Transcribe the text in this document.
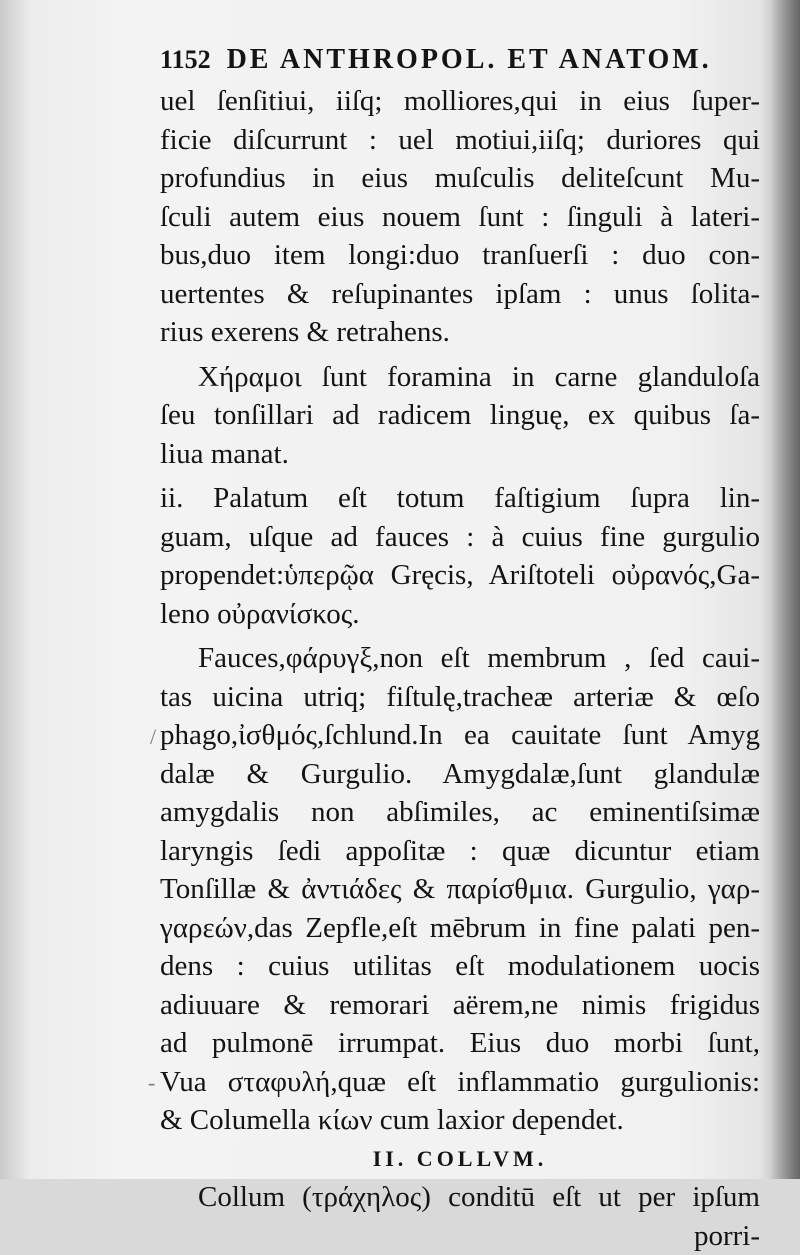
/
-
1152 DE ANTHROPOL. ET ANATOM.
uel ſenſitiui, iiſq; molliores,qui in eius ſuper-
ficie diſcurrunt : uel motiui,iiſq; duriores qui
profundius in eius muſculis deliteſcunt Mu-
ſculi autem eius nouem ſunt : ſinguli à lateri-
bus,duo item longi:duo tranſuerſi : duo con-
uertentes & reſupinantes ipſam : unus ſolita-
rius exerens & retrahens.
Χήραμοι ſunt foramina in carne glanduloſa
ſeu tonſillari ad radicem linguę, ex quibus ſa-
liua manat.
ii. Palatum eſt totum faſtigium ſupra lin-
guam, uſque ad fauces : à cuius fine gurgulio
propendet:ὑπερῷα Gręcis, Ariſtoteli οὐρανός,Ga-
leno οὐρανίσκος.
Fauces,φάρυγξ,non eſt membrum , ſed caui-
tas uicina utriq; fiſtulę,tracheæ arteriæ & œſo
phago,ἰσθμός,ſchlund.In ea cauitate ſunt Amyg
dalæ & Gurgulio. Amygdalæ,ſunt glandulæ
amygdalis non abſimiles, ac eminentiſsimæ
laryngis ſedi appoſitæ : quæ dicuntur etiam
Tonſillæ & ἀντιάδες & παρίσθμια. Gurgulio, γαρ-
γαρεών,das Zepfle,eſt mēbrum in fine palati pen-
dens : cuius utilitas eſt modulationem uocis
adiuuare & remorari aërem,ne nimis frigidus
ad pulmonē irrumpat. Eius duo morbi ſunt,
Vua σταφυλή,quæ eſt inflammatio gurgulionis:
& Columella κίων cum laxior dependet.
II. COLLVM.
Collum (τράχηλος) conditū eſt ut per ipſum
porri-
